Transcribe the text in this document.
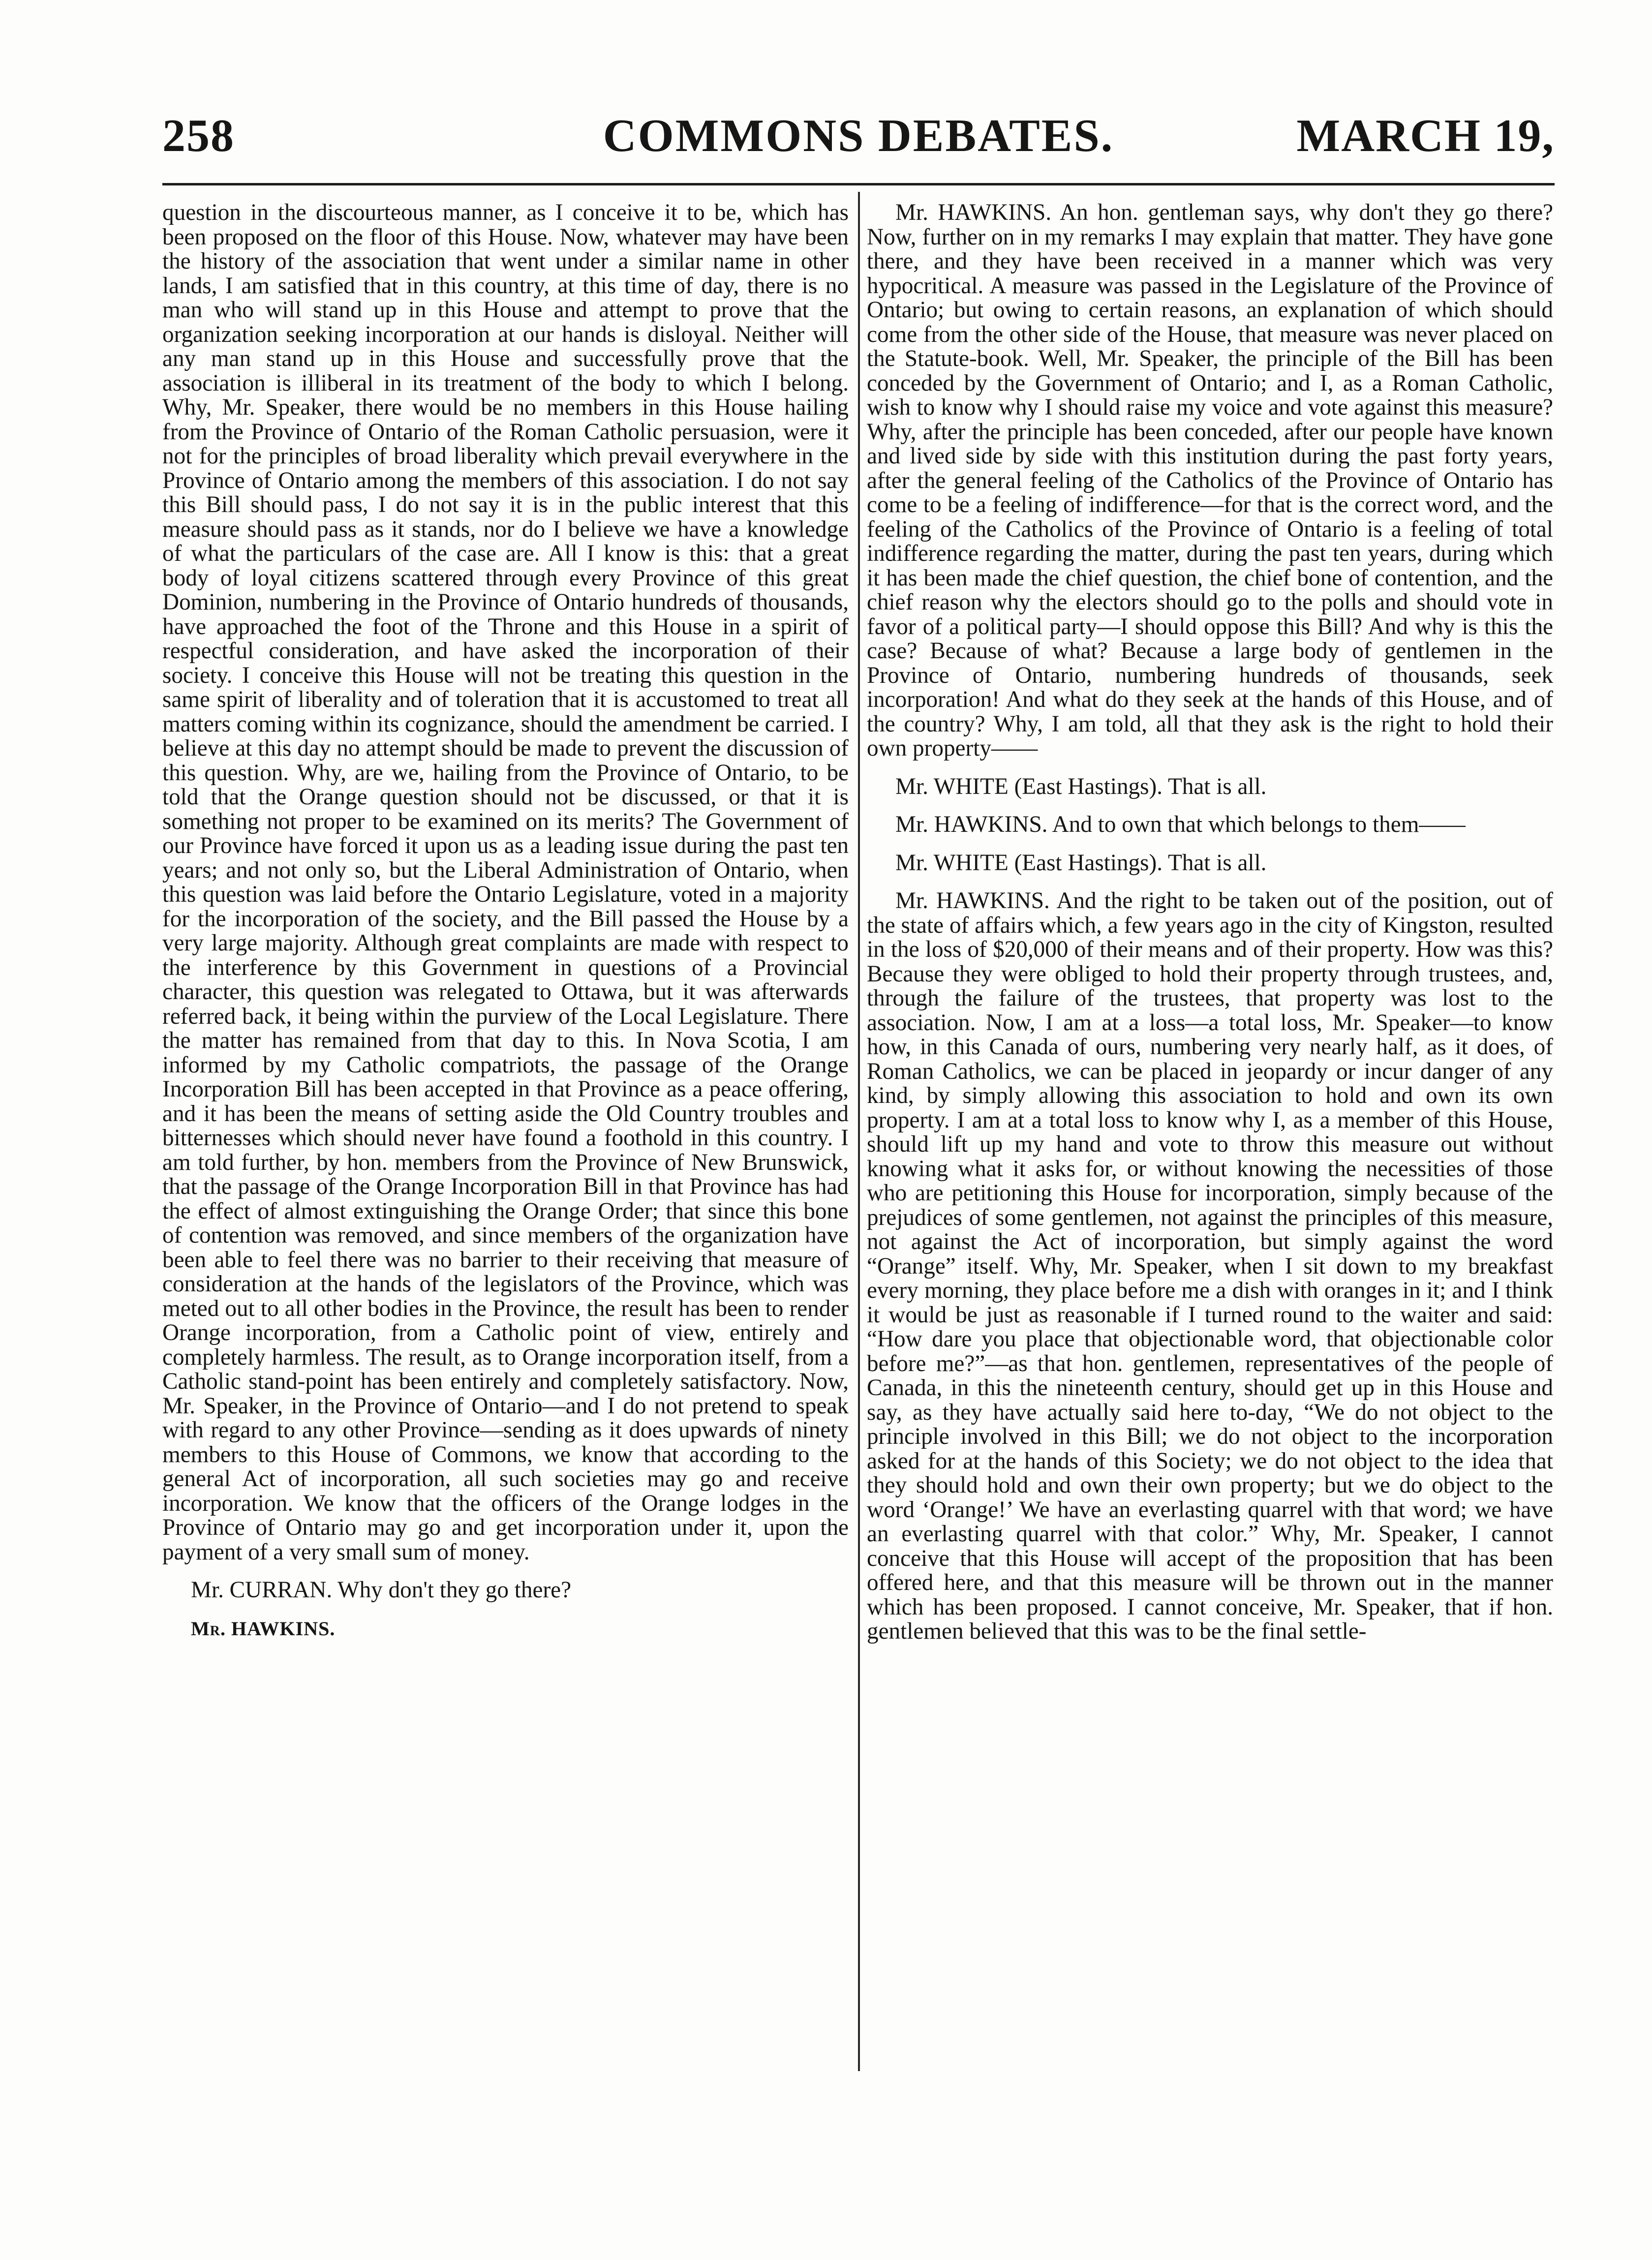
258	COMMONS DEBATES.	MARCH 19,

question in the discourteous manner, as I conceive it to be, which has been proposed on the floor of this House. Now, whatever may have been the history of the association that went under a similar name in other lands, I am satisfied that in this country, at this time of day, there is no man who will stand up in this House and attempt to prove that the organization seeking incorporation at our hands is disloyal. Neither will any man stand up in this House and successfully prove that the association is illiberal in its treatment of the body to which I belong. Why, Mr. Speaker, there would be no members in this House hailing from the Province of Ontario of the Roman Catholic persuasion, were it not for the principles of broad liberality which prevail everywhere in the Province of Ontario among the members of this association. I do not say this Bill should pass, I do not say it is in the public interest that this measure should pass as it stands, nor do I believe we have a knowledge of what the particulars of the case are. All I know is this: that a great body of loyal citizens scattered through every Province of this great Dominion, numbering in the Province of Ontario hundreds of thousands, have approached the foot of the Throne and this House in a spirit of respectful consideration, and have asked the incorporation of their society. I conceive this House will not be treating this question in the same spirit of liberality and of toleration that it is accustomed to treat all matters coming within its cognizance, should the amendment be carried. I believe at this day no attempt should be made to prevent the discussion of this question. Why, are we, hailing from the Province of Ontario, to be told that the Orange question should not be discussed, or that it is something not proper to be examined on its merits? The Government of our Province have forced it upon us as a leading issue during the past ten years; and not only so, but the Liberal Administration of Ontario, when this question was laid before the Ontario Legislature, voted in a majority for the incorporation of the society, and the Bill passed the House by a very large majority. Although great complaints are made with respect to the interference by this Government in questions of a Provincial character, this question was relegated to Ottawa, but it was afterwards referred back, it being within the purview of the Local Legislature. There the matter has remained from that day to this. In Nova Scotia, I am informed by my Catholic compatriots, the passage of the Orange Incorporation Bill has been accepted in that Province as a peace offering, and it has been the means of setting aside the Old Country troubles and bitternesses which should never have found a foothold in this country. I am told further, by hon. members from the Province of New Brunswick, that the passage of the Orange Incorporation Bill in that Province has had the effect of almost extinguishing the Orange Order; that since this bone of contention was removed, and since members of the organization have been able to feel there was no barrier to their receiving that measure of consideration at the hands of the legislators of the Province, which was meted out to all other bodies in the Province, the result has been to render Orange incorporation, from a Catholic point of view, entirely and completely harmless. The result, as to Orange incorporation itself, from a Catholic stand-point has been entirely and completely satisfactory. Now, Mr. Speaker, in the Province of Ontario—and I do not pretend to speak with regard to any other Province—sending as it does upwards of ninety members to this House of Commons, we know that according to the general Act of incorporation, all such societies may go and receive incorporation. We know that the officers of the Orange lodges in the Province of Ontario may go and get incorporation under it, upon the payment of a very small sum of money.

Mr. CURRAN. Why don't they go there?

Mr. HAWKINS.

Mr. HAWKINS. An hon. gentleman says, why don't they go there? Now, further on in my remarks I may explain that matter. They have gone there, and they have been received in a manner which was very hypocritical. A measure was passed in the Legislature of the Province of Ontario; but owing to certain reasons, an explanation of which should come from the other side of the House, that measure was never placed on the Statute-book. Well, Mr. Speaker, the principle of the Bill has been conceded by the Government of Ontario; and I, as a Roman Catholic, wish to know why I should raise my voice and vote against this measure? Why, after the principle has been conceded, after our people have known and lived side by side with this institution during the past forty years, after the general feeling of the Catholics of the Province of Ontario has come to be a feeling of indifference—for that is the correct word, and the feeling of the Catholics of the Province of Ontario is a feeling of total indifference regarding the matter, during the past ten years, during which it has been made the chief question, the chief bone of contention, and the chief reason why the electors should go to the polls and should vote in favor of a political party—I should oppose this Bill? And why is this the case? Because of what? Because a large body of gentlemen in the Province of Ontario, numbering hundreds of thousands, seek incorporation! And what do they seek at the hands of this House, and of the country? Why, I am told, all that they ask is the right to hold their own property——

Mr. WHITE (East Hastings). That is all.

Mr. HAWKINS. And to own that which belongs to them——

Mr. WHITE (East Hastings). That is all.

Mr. HAWKINS. And the right to be taken out of the position, out of the state of affairs which, a few years ago in the city of Kingston, resulted in the loss of $20,000 of their means and of their property. How was this? Because they were obliged to hold their property through trustees, and, through the failure of the trustees, that property was lost to the association. Now, I am at a loss—a total loss, Mr. Speaker—to know how, in this Canada of ours, numbering very nearly half, as it does, of Roman Catholics, we can be placed in jeopardy or incur danger of any kind, by simply allowing this association to hold and own its own property. I am at a total loss to know why I, as a member of this House, should lift up my hand and vote to throw this measure out without knowing what it asks for, or without knowing the necessities of those who are petitioning this House for incorporation, simply because of the prejudices of some gentlemen, not against the principles of this measure, not against the Act of incorporation, but simply against the word “Orange” itself. Why, Mr. Speaker, when I sit down to my breakfast every morning, they place before me a dish with oranges in it; and I think it would be just as reasonable if I turned round to the waiter and said: “How dare you place that objectionable word, that objectionable color before me?”—as that hon. gentlemen, representatives of the people of Canada, in this the nineteenth century, should get up in this House and say, as they have actually said here to-day, “We do not object to the principle involved in this Bill; we do not object to the incorporation asked for at the hands of this Society; we do not object to the idea that they should hold and own their own property; but we do object to the word ‘Orange!’ We have an everlasting quarrel with that word; we have an everlasting quarrel with that color.” Why, Mr. Speaker, I cannot conceive that this House will accept of the proposition that has been offered here, and that this measure will be thrown out in the manner which has been proposed. I cannot conceive, Mr. Speaker, that if hon. gentlemen believed that this was to be the final settle-
